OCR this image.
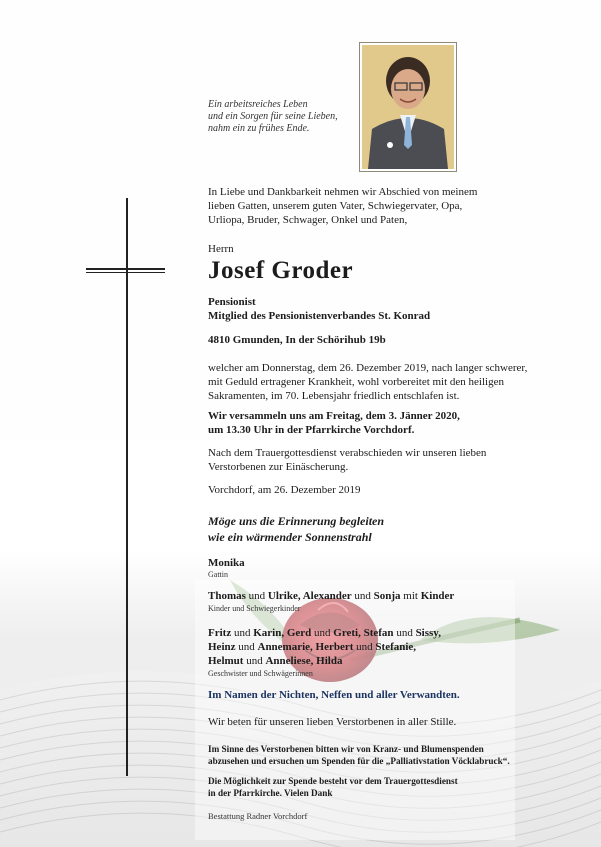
Ein arbeitsreiches Leben
und ein Sorgen für seine Lieben,
nahm ein zu frühes Ende.

In Liebe und Dankbarkeit nehmen wir Abschied von meinem

lieben Gatten, unserem guten Vater, Schwiegervater, Opa,

Urliopa, Bruder, Schwager, Onkel und Paten,

Herrn

Josef Groder

Pensionist

Mitglied des Pensionistenverbandes St. Konrad

4810 Gmunden, In der Schörihub 19b

welcher am Donnerstag, dem 26. Dezember 2019, nach langer schwerer,

mit Geduld ertragener Krankheit, wohl vorbereitet mit den heiligen

Sakramenten, im 70. Lebensjahr friedlich entschlafen ist.

Wir versammeln uns am Freitag, dem 3. Jänner 2020,

um 13.30 Uhr in der Pfarrkirche Vorchdorf.

Nach dem Trauergottesdienst verabschieden wir unseren lieben

Verstorbenen zur Einäscherung.

Vorchdorf, am 26. Dezember 2019

Möge uns die Erinnerung begleiten

wie ein wärmender Sonnenstrahl

Monika

Gattin

Thomas und Ulrike, Alexander und Sonja mit Kinder

Kinder und Schwiegerkinder

Fritz und Karin, Gerd und Greti, Stefan und Sissy,

Heinz und Annemarie, Herbert und Stefanie,

Helmut und Anneliese, Hilda

Geschwister und Schwägerinnen

Im Namen der Nichten, Neffen und aller Verwandten.

Wir beten für unseren lieben Verstorbenen in aller Stille.

Im Sinne des Verstorbenen bitten wir von Kranz- und Blumenspenden

abzusehen und ersuchen um Spenden für die „Palliativstation Vöcklabruck“.

Die Möglichkeit zur Spende besteht vor dem Trauergottesdienst

in der Pfarrkirche. Vielen Dank

Bestattung Radner Vorchdorf
